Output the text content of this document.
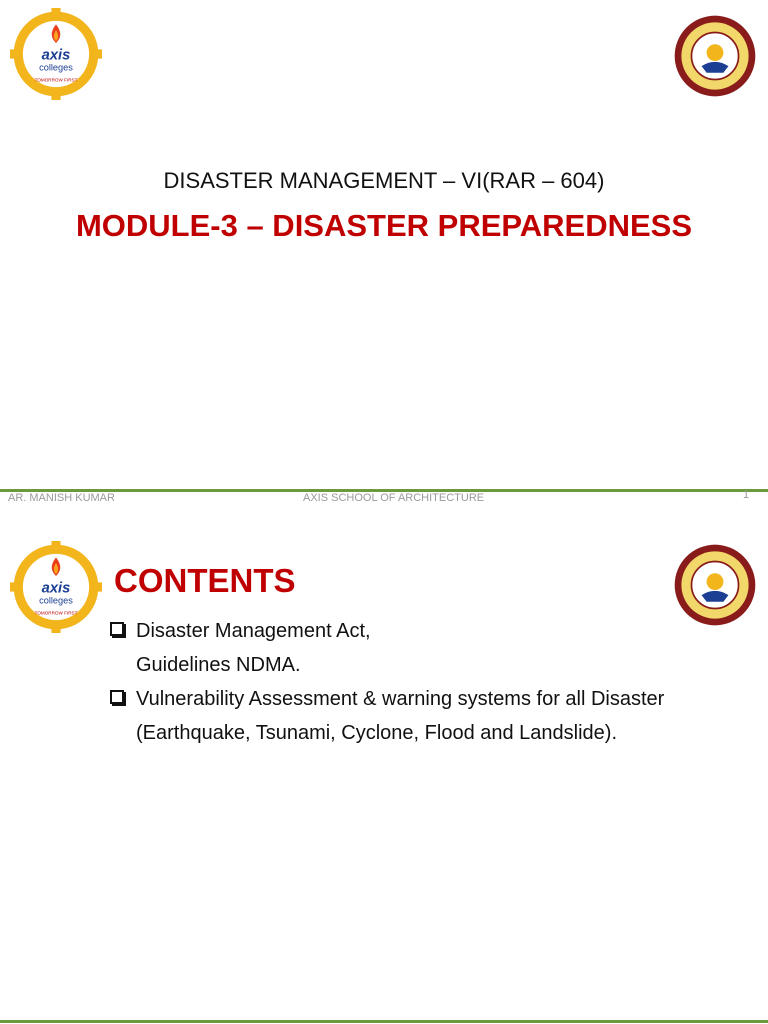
axis
colleges
TOMORROW FIRST
DISASTER MANAGEMENT – VI(RAR – 604)
MODULE-3 – DISASTER PREPAREDNESS
AR. MANISH KUMAR	AXIS SCHOOL OF ARCHITECTURE	1
axis
colleges
TOMORROW FIRST
CONTENTS
Disaster Management Act,
Guidelines NDMA.
Vulnerability Assessment & warning systems for all Disaster
(Earthquake, Tsunami, Cyclone, Flood and Landslide).
